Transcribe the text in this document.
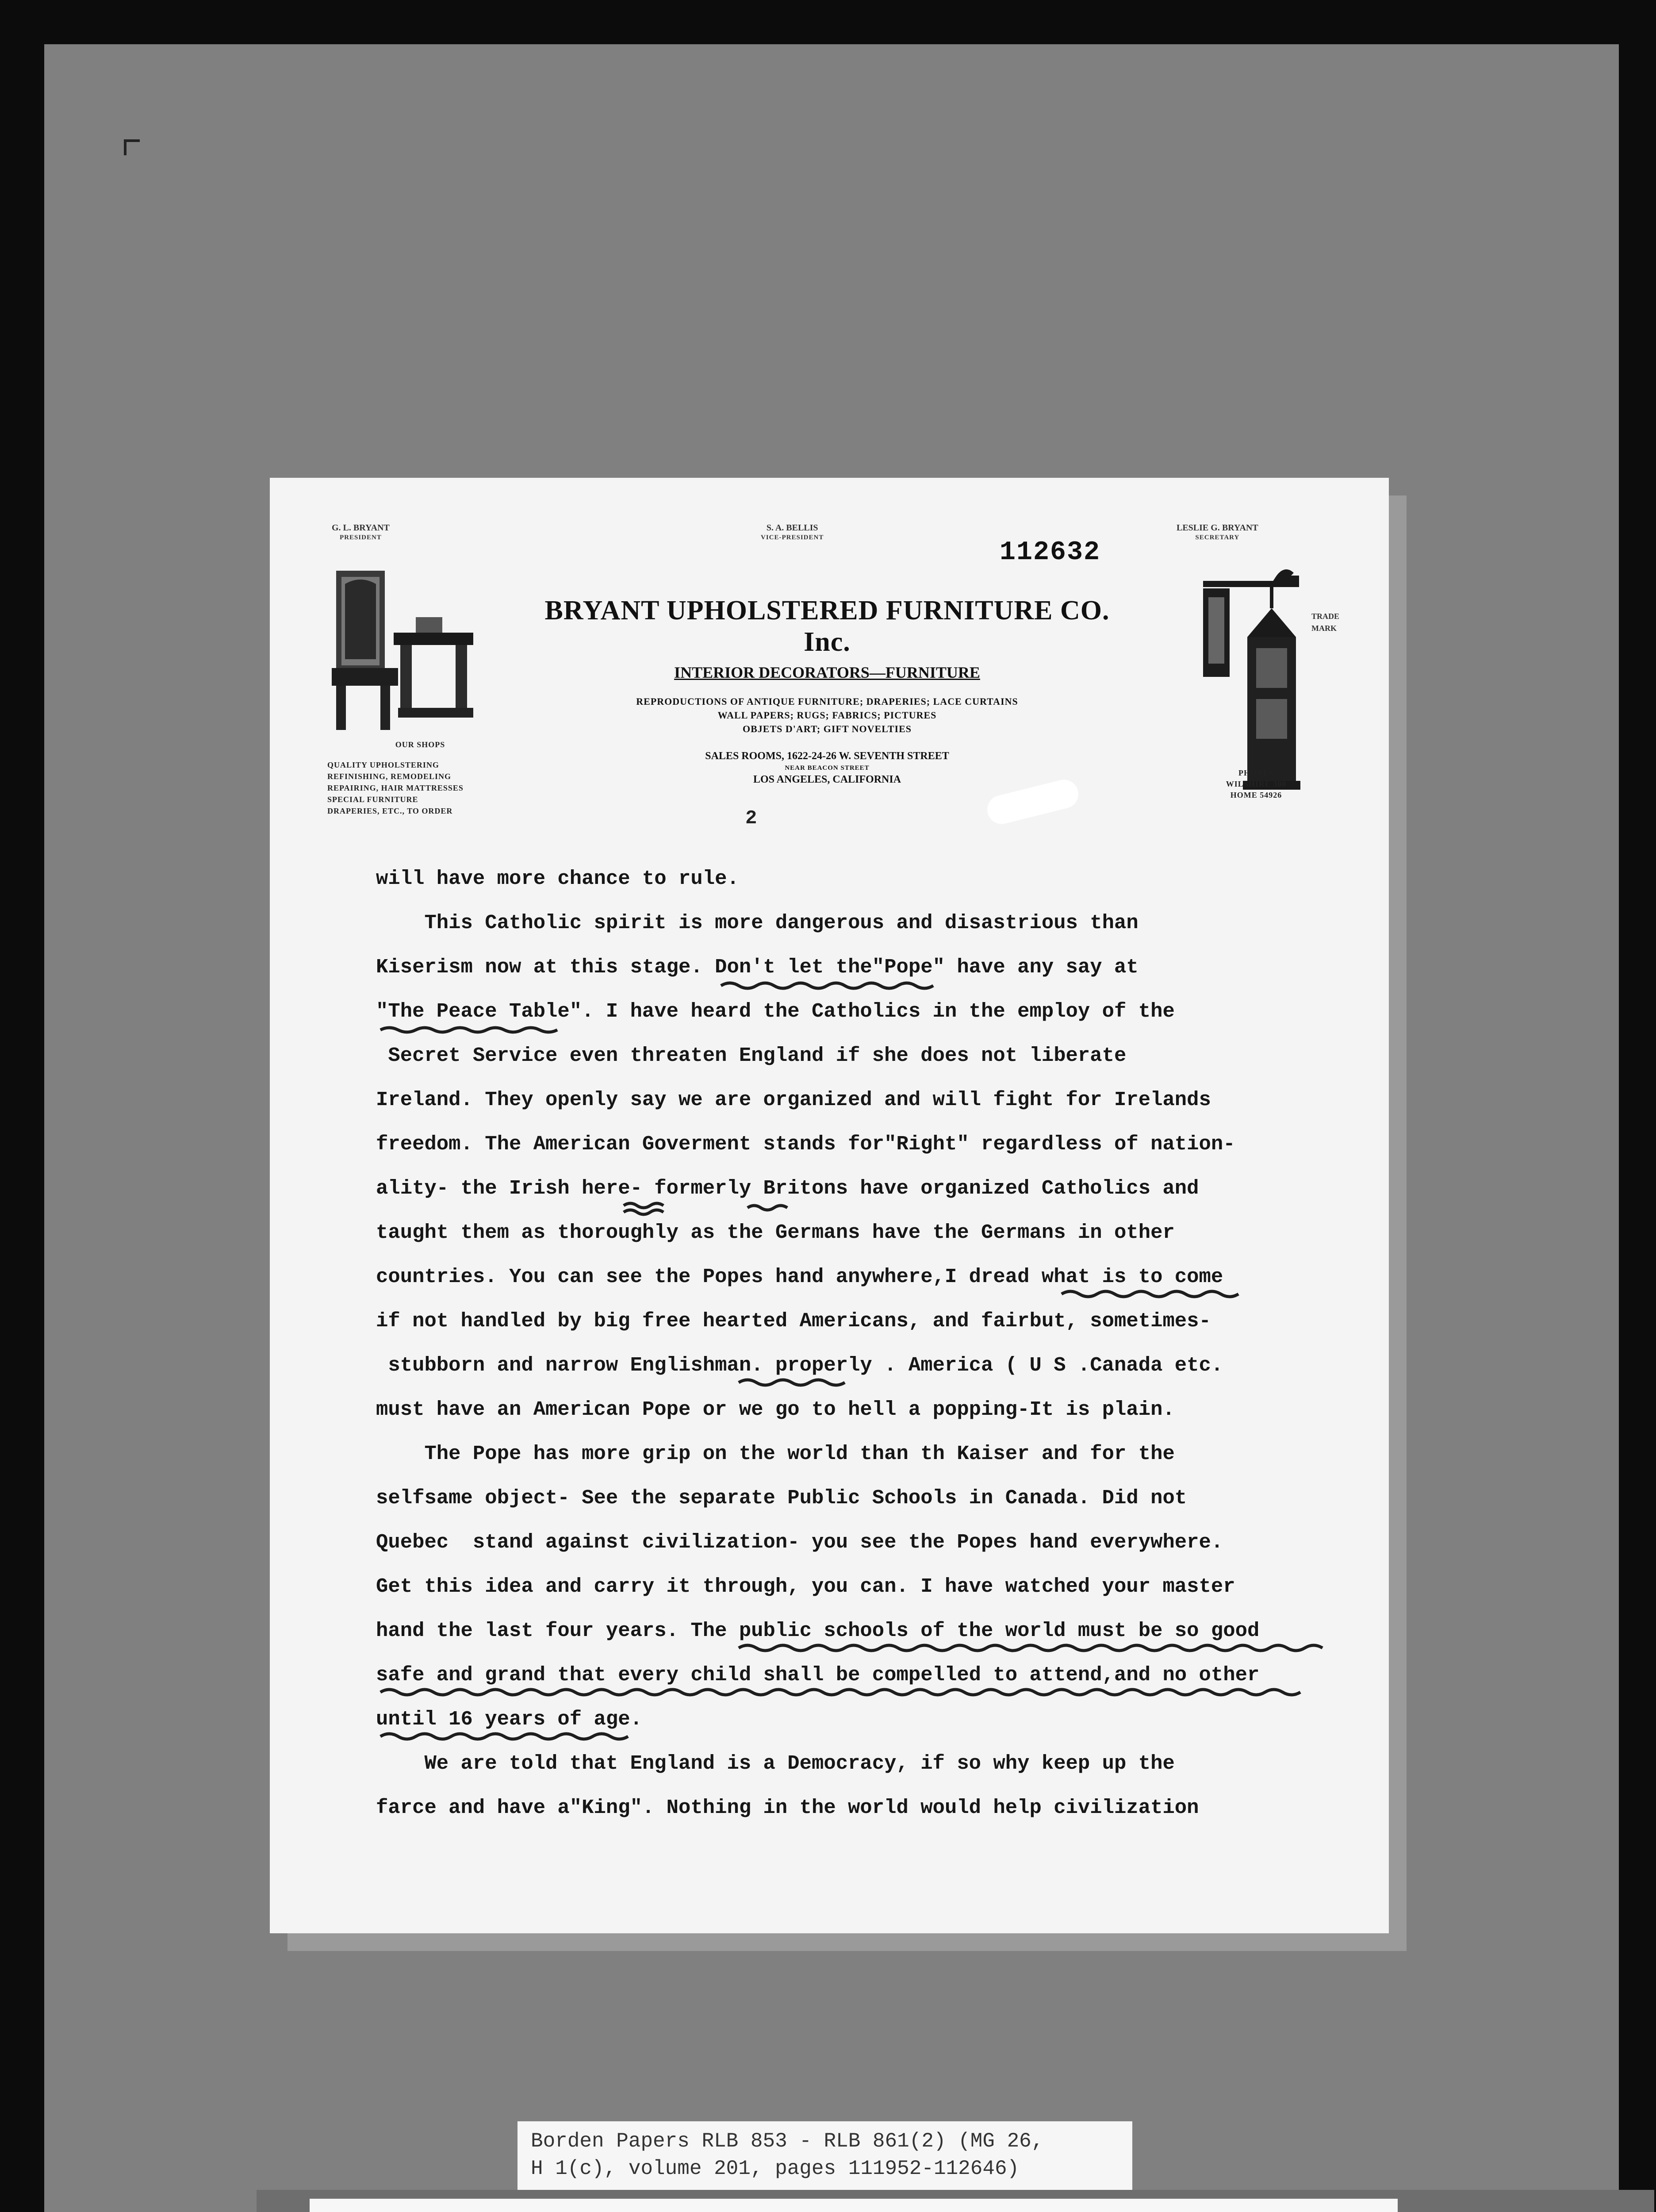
G. L. BRYANT
PRESIDENT
S. A. BELLIS
VICE-PRESIDENT
LESLIE G. BRYANT
SECRETARY
112632
BRYANT UPHOLSTERED FURNITURE CO. Inc.
INTERIOR DECORATORS—FURNITURE
REPRODUCTIONS OF ANTIQUE FURNITURE; DRAPERIES; LACE CURTAINS
WALL PAPERS; RUGS; FABRICS; PICTURES
OBJETS D'ART; GIFT NOVELTIES
SALES ROOMS, 1622-24-26 W. SEVENTH STREET
NEAR BEACON STREET
LOS ANGELES, CALIFORNIA
OUR SHOPS
QUALITY UPHOLSTERING
REFINISHING, REMODELING
REPAIRING, HAIR MATTRESSES
SPECIAL FURNITURE
DRAPERIES, ETC., TO ORDER
TRADE MARK
PHONES
WILSHIRE 300
HOME 54926
2
will have more chance to rule.
This Catholic spirit is more dangerous and disastrious than
Kiserism now at this stage. Don't let the"Pope" have any say at
"The Peace Table". I have heard the Catholics in the employ of the
Secret Service even threaten England if she does not liberate
Ireland. They openly say we are organized and will fight for Irelands
freedom. The American Goverment stands for"Right" regardless of nation-
ality- the Irish here- formerly Britons have organized Catholics and
taught them as thoroughly as the Germans have the Germans in other
countries. You can see the Popes hand anywhere,I dread what is to come
if not handled by big free hearted Americans, and fairbut, sometimes-
stubborn and narrow Englishman. properly . America ( U S .Canada etc.
must have an American Pope or we go to hell a popping-It is plain.
The Pope has more grip on the world than th Kaiser and for the
selfsame object- See the separate Public Schools in Canada. Did not
Quebec  stand against civilization- you see the Popes hand everywhere.
Get this idea and carry it through, you can. I have watched your master
hand the last four years. The public schools of the world must be so good
safe and grand that every child shall be compelled to attend,and no other
until 16 years of age.
We are told that England is a Democracy, if so why keep up the
farce and have a"King". Nothing in the world would help civilization
Borden Papers RLB 853 - RLB 861(2) (MG 26,
H 1(c), volume 201, pages 111952-112646)
